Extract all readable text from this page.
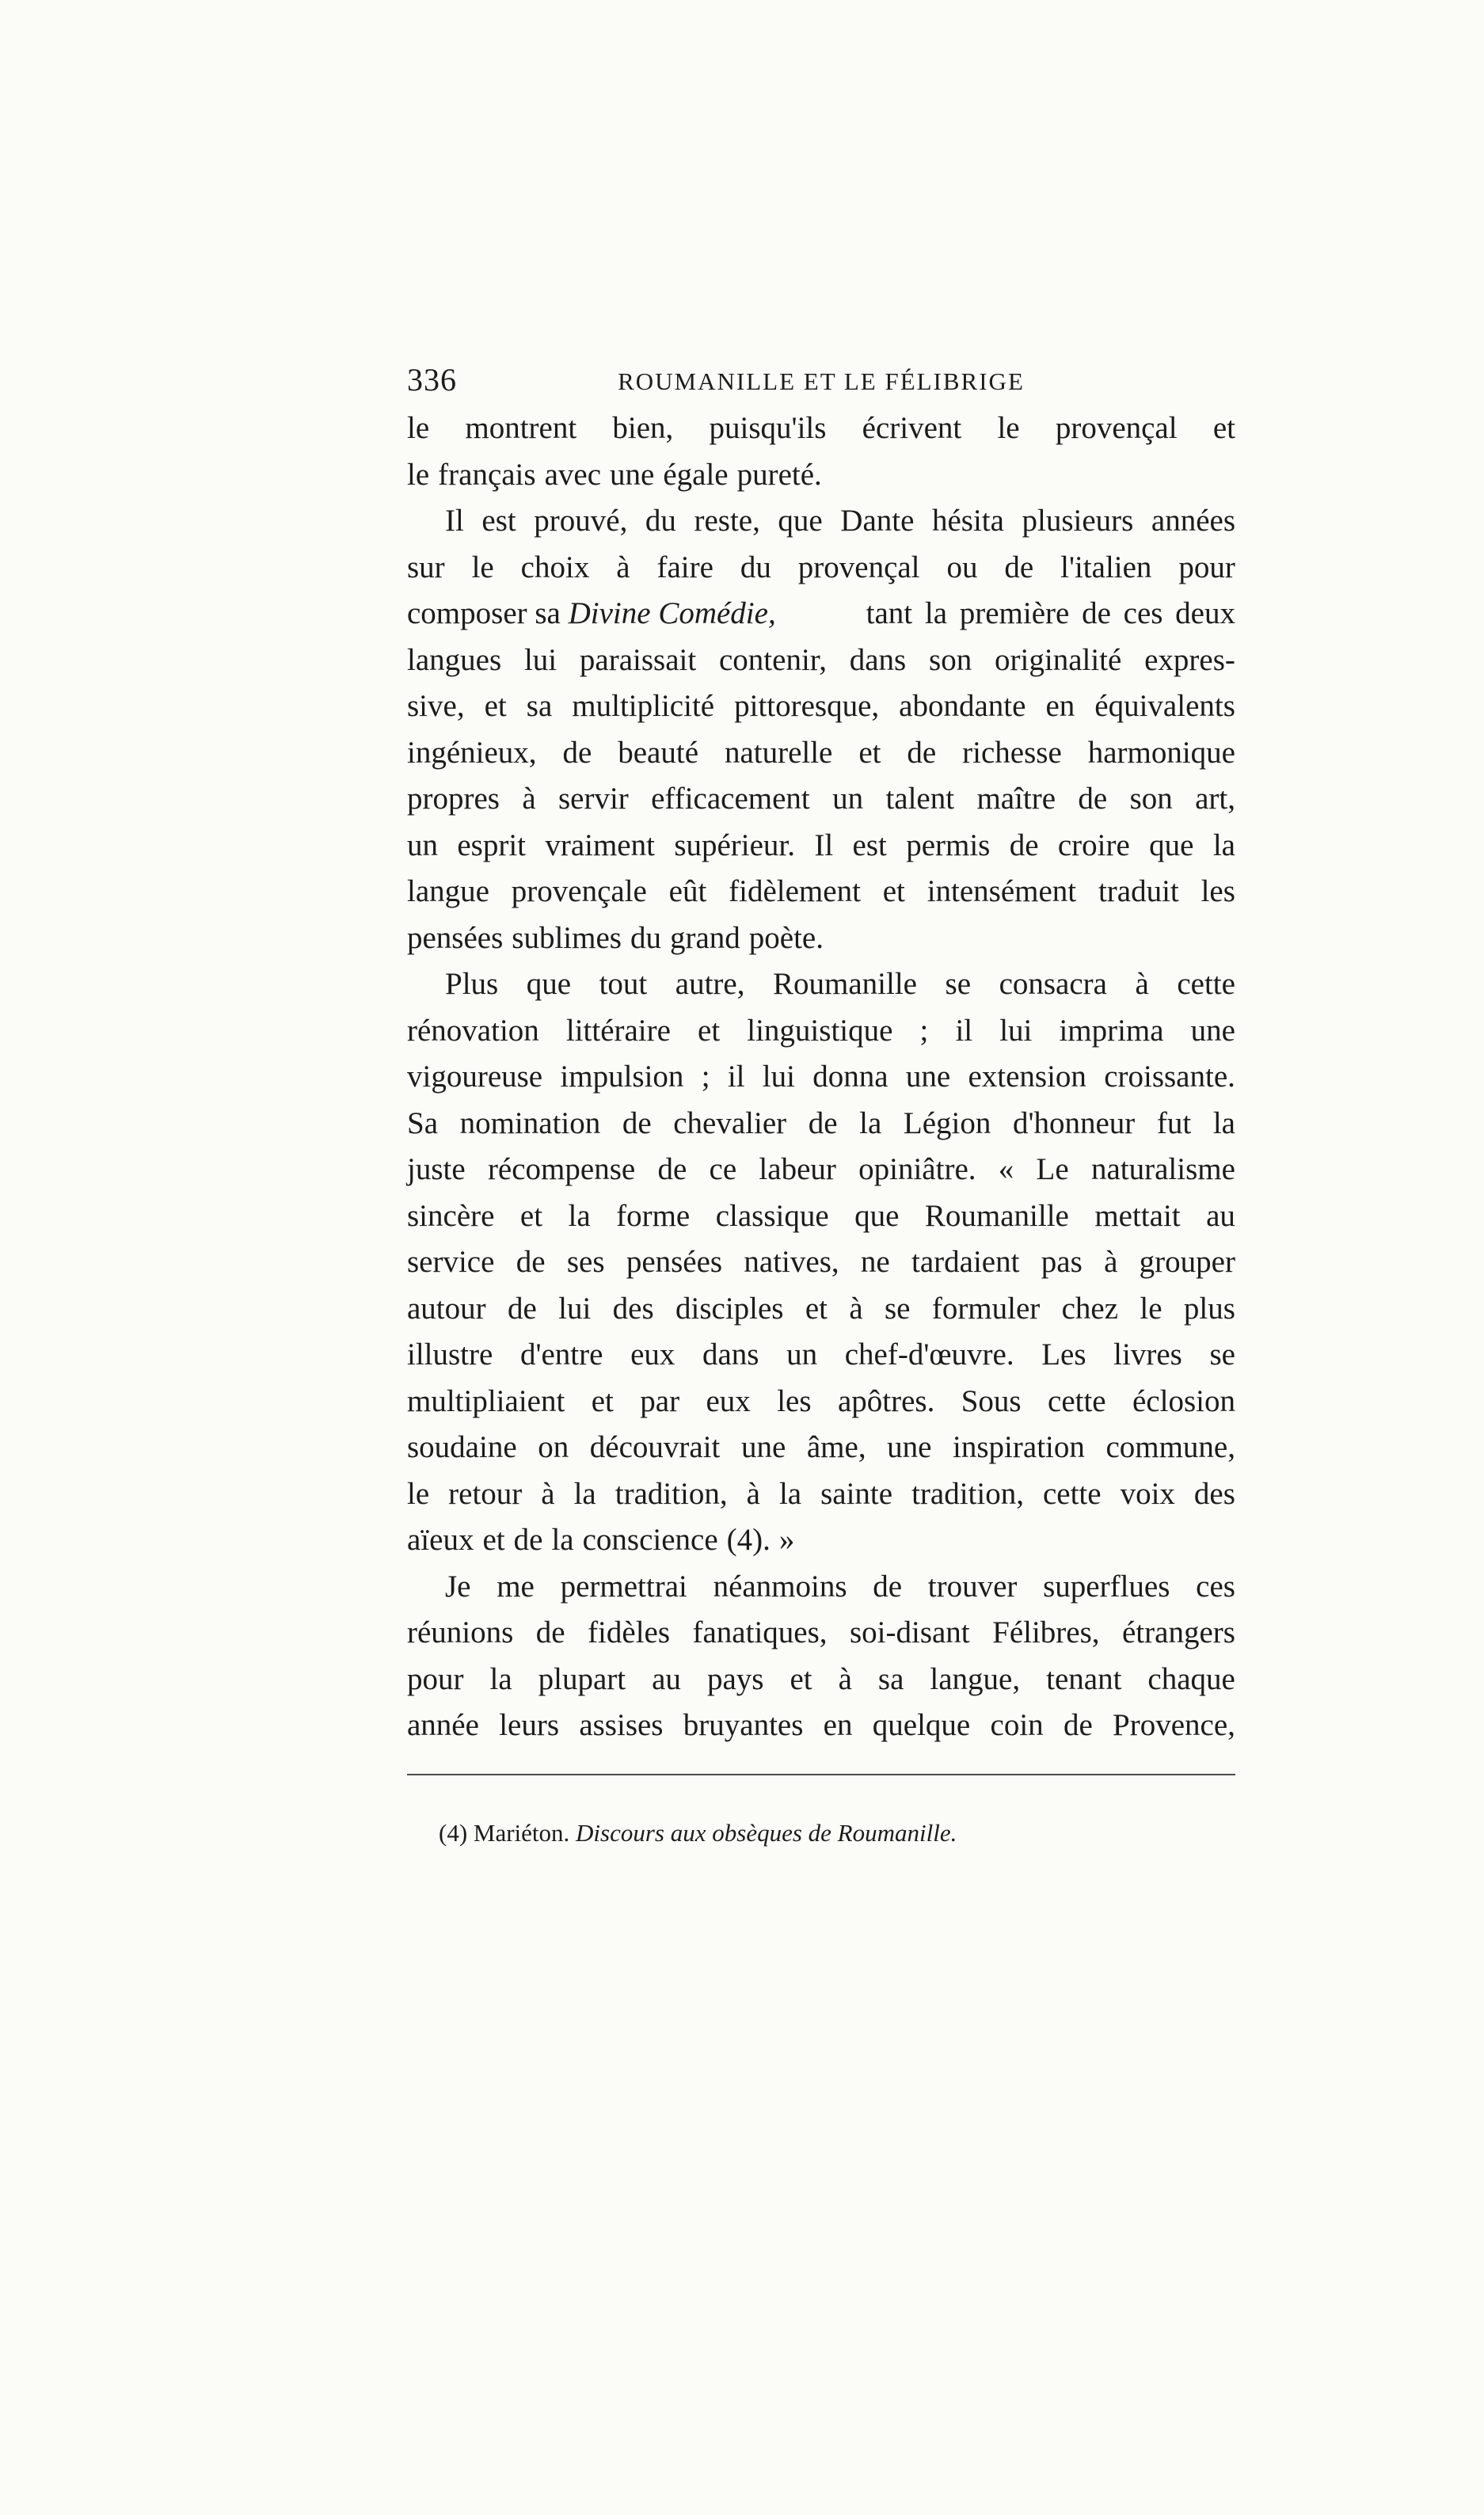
336	ROUMANILLE ET LE FÉLIBRIGE
le montrent bien, puisqu'ils écrivent le provençal et
le français avec une égale pureté.
Il est prouvé, du reste, que Dante hésita plusieurs années
sur le choix à faire du provençal ou de l'italien pour
composer sa Divine Comédie,	tant la première de ces deux
langues lui paraissait contenir, dans son originalité expres-
sive, et sa multiplicité pittoresque, abondante en équivalents
ingénieux, de beauté naturelle et de richesse harmonique
propres à servir efficacement un talent maître de son art,
un esprit vraiment supérieur. Il est permis de croire que la
langue provençale eût fidèlement et intensément traduit les
pensées sublimes du grand poète.
Plus que tout autre, Roumanille se consacra à cette
rénovation littéraire et linguistique ; il lui imprima une
vigoureuse impulsion ; il lui donna une extension croissante.
Sa nomination de chevalier de la Légion d'honneur fut la
juste récompense de ce labeur opiniâtre. « Le naturalisme
sincère et la forme classique que Roumanille mettait au
service de ses pensées natives, ne tardaient pas à grouper
autour de lui des disciples et à se formuler chez le plus
illustre d'entre eux dans un chef-d'œuvre. Les livres se
multipliaient et par eux les apôtres. Sous cette éclosion
soudaine on découvrait une âme, une inspiration commune,
le retour à la tradition, à la sainte tradition, cette voix des
aïeux et de la conscience (4). »
Je me permettrai néanmoins de trouver superflues ces
réunions de fidèles fanatiques, soi-disant Félibres, étrangers
pour la plupart au pays et à sa langue, tenant chaque
année leurs assises bruyantes en quelque coin de Provence,
(4) Mariéton. Discours aux obsèques de Roumanille.
